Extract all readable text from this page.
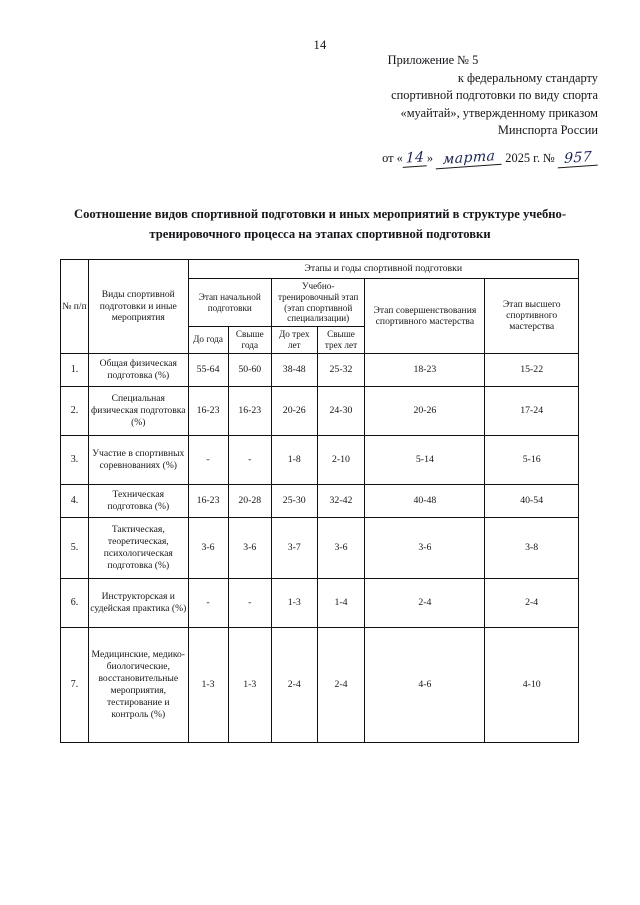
14
Приложение № 5
к федеральному стандарту
спортивной подготовки по виду спорта
«муайтай», утвержденному приказом
Минспорта России
от « 14 » марта 2025 г. № 957
Соотношение видов спортивной подготовки и иных мероприятий в структуре учебно-тренировочного процесса на этапах спортивной подготовки
№ п/п	Виды спортивной подготовки и иные мероприятия	Этапы и годы спортивной подготовки					
		Этап начальной подготовки		Учебно-тренировочный этап (этап спортивной специализации)		Этап совершенствования спортивного мастерства	Этап высшего спортивного мастерства
		До года	Свыше года	До трех лет	Свыше трех лет		
1.	Общая физическая подготовка (%)	55-64	50-60	38-48	25-32	18-23	15-22
2.	Специальная физическая подготовка (%)	16-23	16-23	20-26	24-30	20-26	17-24
3.	Участие в спортивных соревнованиях (%)	-	-	1-8	2-10	5-14	5-16
4.	Техническая подготовка (%)	16-23	20-28	25-30	32-42	40-48	40-54
5.	Тактическая, теоретическая, психологическая подготовка (%)	3-6	3-6	3-7	3-6	3-6	3-8
6.	Инструкторская и судейская практика (%)	-	-	1-3	1-4	2-4	2-4
7.	Медицинские, медико-биологические, восстановительные мероприятия, тестирование и контроль (%)	1-3	1-3	2-4	2-4	4-6	4-10
